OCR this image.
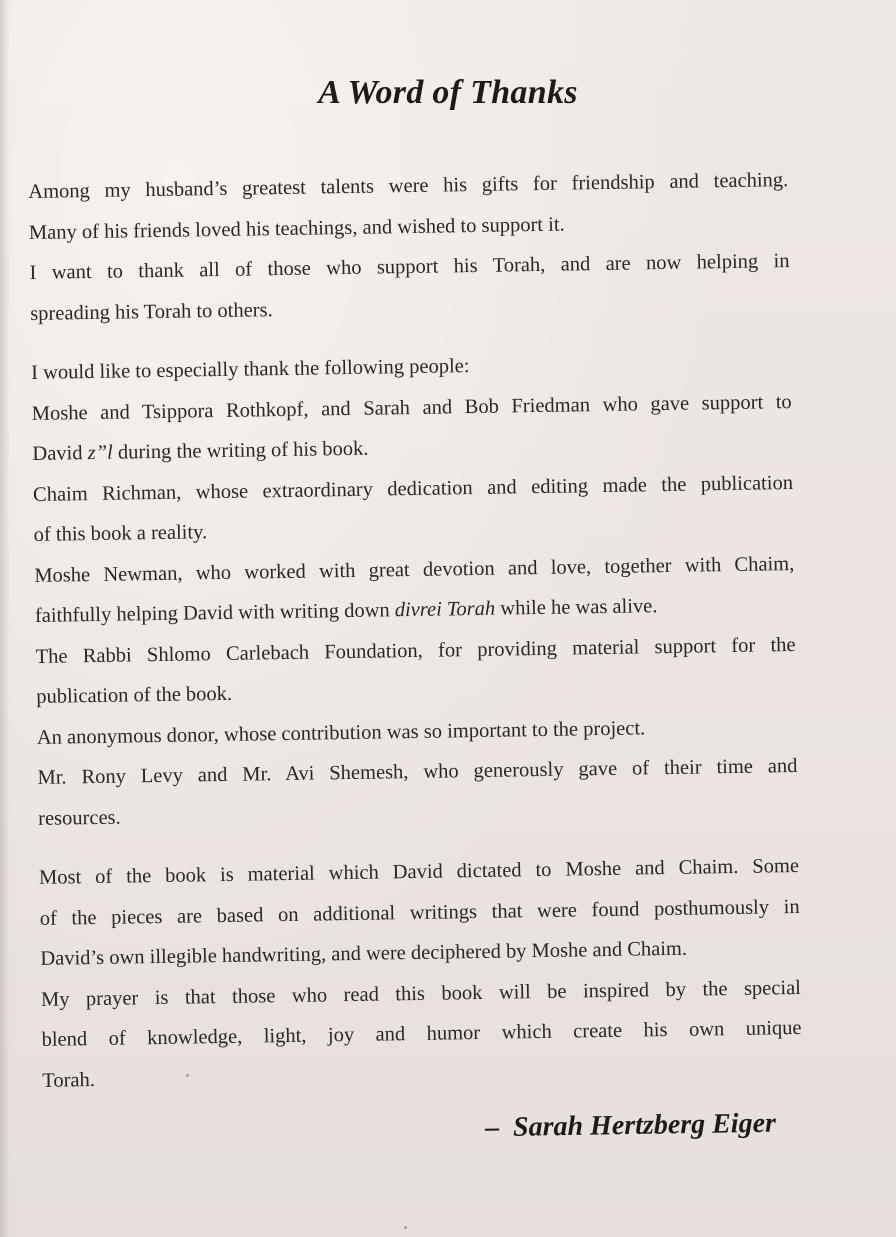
A Word of Thanks

Among my husband’s greatest talents were his gifts for friendship and teaching.

Many of his friends loved his teachings, and wished to support it.

I want to thank all of those who support his Torah, and are now helping in

spreading his Torah to others.

I would like to especially thank the following people:

Moshe and Tsippora Rothkopf, and Sarah and Bob Friedman who gave support to

David z”l during the writing of his book.

Chaim Richman, whose extraordinary dedication and editing made the publication

of this book a reality.

Moshe Newman, who worked with great devotion and love, together with Chaim,

faithfully helping David with writing down divrei Torah while he was alive.

The Rabbi Shlomo Carlebach Foundation, for providing material support for the

publication of the book.

An anonymous donor, whose contribution was so important to the project.

Mr. Rony Levy and Mr. Avi Shemesh, who generously gave of their time and

resources.

Most of the book is material which David dictated to Moshe and Chaim. Some

of the pieces are based on additional writings that were found posthumously in

David’s own illegible handwriting, and were deciphered by Moshe and Chaim.

My prayer is that those who read this book will be inspired by the special

blend of knowledge, light, joy and humor which create his own unique

Torah.

– Sarah Hertzberg Eiger
